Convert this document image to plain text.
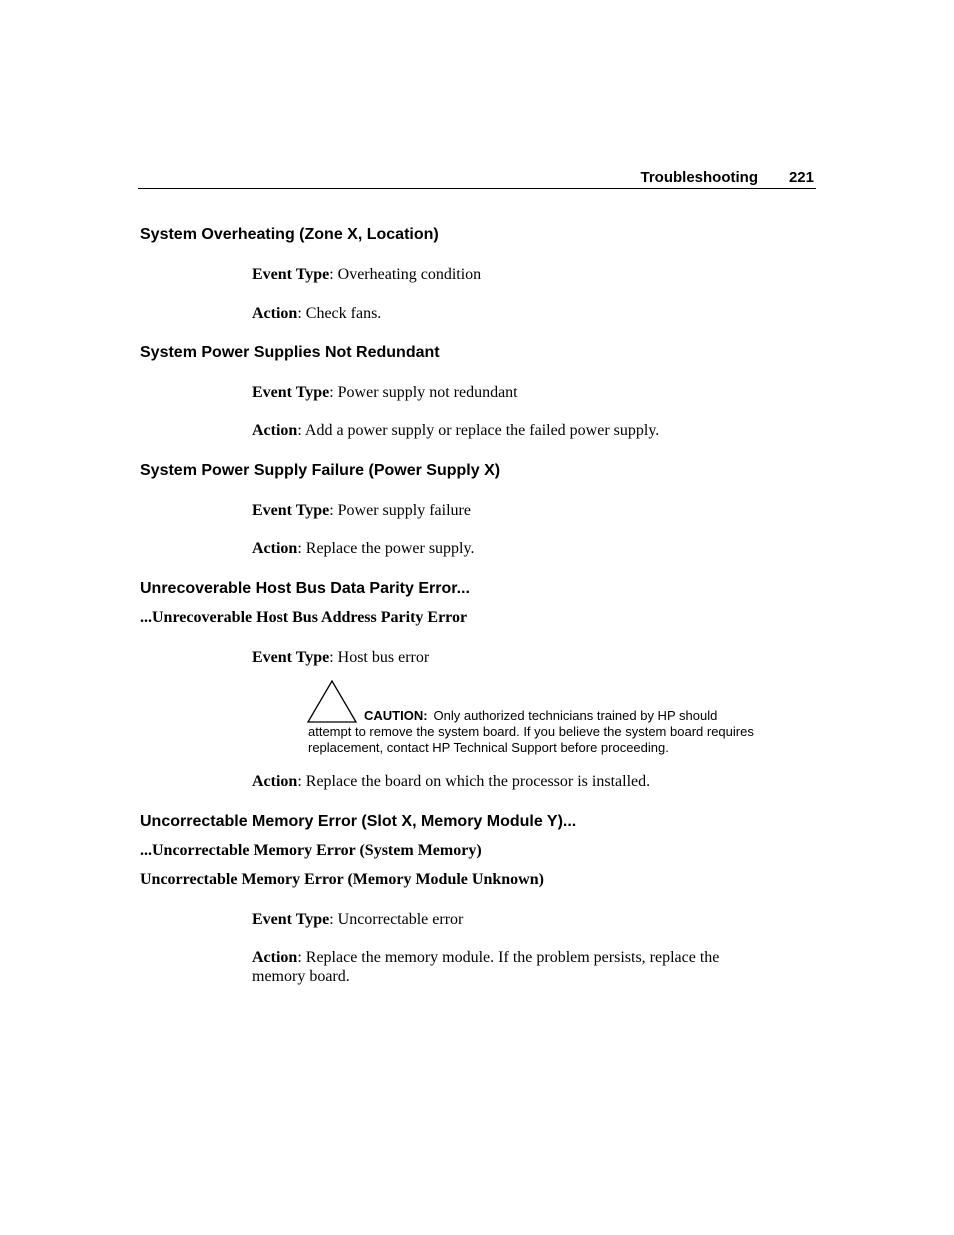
Troubleshooting 221
System Overheating (Zone X, Location)
Event Type: Overheating condition
Action: Check fans.
System Power Supplies Not Redundant
Event Type: Power supply not redundant
Action: Add a power supply or replace the failed power supply.
System Power Supply Failure (Power Supply X)
Event Type: Power supply failure
Action: Replace the power supply.
Unrecoverable Host Bus Data Parity Error...
...Unrecoverable Host Bus Address Parity Error
Event Type: Host bus error
CAUTION: Only authorized technicians trained by HP should
attempt to remove the system board. If you believe the system board requires replacement, contact HP Technical Support before proceeding.
Action: Replace the board on which the processor is installed.
Uncorrectable Memory Error (Slot X, Memory Module Y)...
...Uncorrectable Memory Error (System Memory)
Uncorrectable Memory Error (Memory Module Unknown)
Event Type: Uncorrectable error
Action: Replace the memory module. If the problem persists, replace the memory board.
